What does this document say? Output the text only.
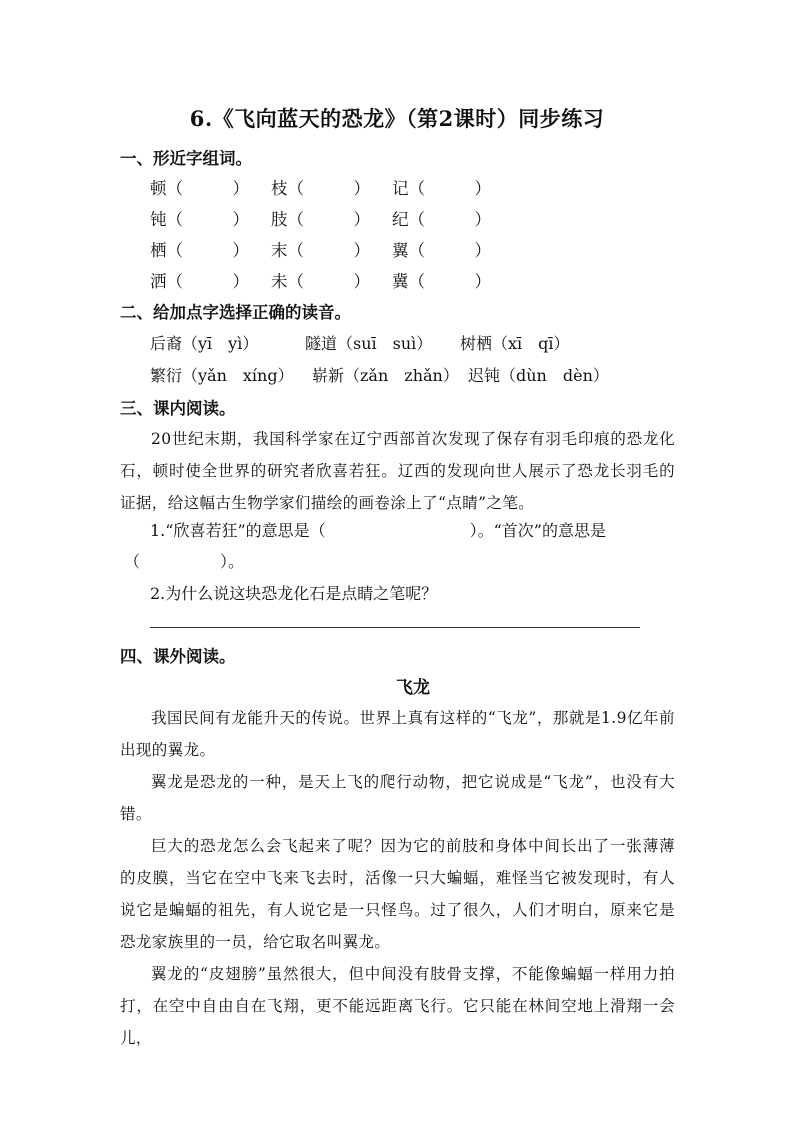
6.《飞向蓝天的恐龙》（第2课时）同步练习
一、形近字组词。
顿（　　　） 枝（　　　） 记（　　　）
钝（　　　） 肢（　　　） 纪（　　　）
栖（　　　） 末（　　　） 翼（　　　）
洒（　　　） 未（　　　） 冀（　　　）
二、给加点字选择正确的读音。
后裔（yī　yì）	隧道（suī　suì） 树栖（xī　qī）
繁衍（yǎn　xíng） 崭新（zǎn　zhǎn） 迟钝（dùn　dèn）
三、课内阅读。
20世纪末期，我国科学家在辽宁西部首次发现了保存有羽毛印痕的恐龙化石，顿时使全世界的研究者欣喜若狂。辽西的发现向世人展示了恐龙长羽毛的证据，给这幅古生物学家们描绘的画卷涂上了“点睛”之笔。
1.“欣喜若狂”的意思是（　　　　　　　　　）。“首次”的意思是
（　　　　　）。
2.为什么说这块恐龙化石是点睛之笔呢？
四、课外阅读。
飞龙
我国民间有龙能升天的传说。世界上真有这样的“飞龙”，那就是1.9亿年前出现的翼龙。
翼龙是恐龙的一种，是天上飞的爬行动物，把它说成是“飞龙”，也没有大错。
巨大的恐龙怎么会飞起来了呢？因为它的前肢和身体中间长出了一张薄薄的皮膜，当它在空中飞来飞去时，活像一只大蝙蝠，难怪当它被发现时，有人说它是蝙蝠的祖先，有人说它是一只怪鸟。过了很久，人们才明白，原来它是恐龙家族里的一员，给它取名叫翼龙。
翼龙的“皮翅膀”虽然很大，但中间没有肢骨支撑，不能像蝙蝠一样用力拍打，在空中自由自在飞翔，更不能远距离飞行。它只能在林间空地上滑翔一会儿，
